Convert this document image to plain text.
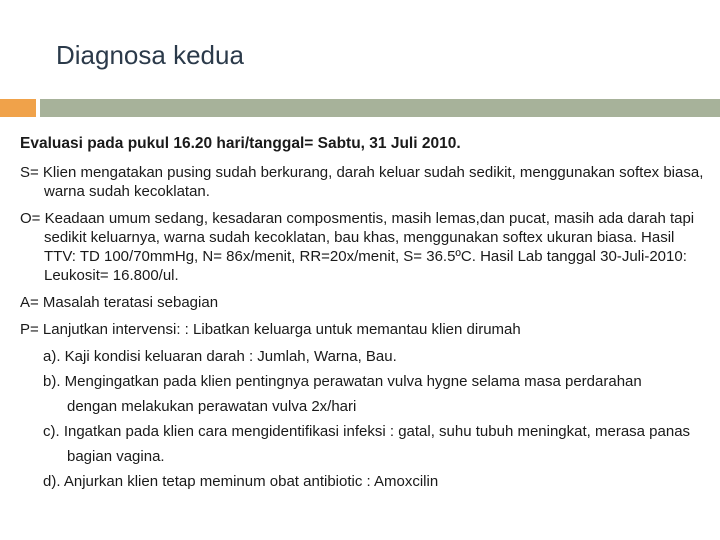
Diagnosa kedua
Evaluasi pada pukul 16.20 hari/tanggal= Sabtu, 31 Juli 2010.

S= Klien mengatakan pusing sudah berkurang, darah keluar sudah sedikit, menggunakan softex biasa, warna sudah kecoklatan.

O= Keadaan umum sedang, kesadaran composmentis, masih lemas,dan pucat, masih ada darah tapi sedikit keluarnya, warna sudah kecoklatan, bau khas, menggunakan softex ukuran biasa. Hasil TTV: TD 100/70mmHg, N= 86x/menit, RR=20x/menit, S= 36.5ºC. Hasil Lab tanggal 30-Juli-2010: Leukosit= 16.800/ul.

A= Masalah teratasi sebagian

P= Lanjutkan intervensi: : Libatkan keluarga untuk memantau klien dirumah

a). Kaji kondisi keluaran darah : Jumlah, Warna, Bau.

b). Mengingatkan pada klien pentingnya perawatan vulva hygne selama masa perdarahan

dengan melakukan perawatan vulva 2x/hari

c). Ingatkan pada klien cara mengidentifikasi infeksi : gatal, suhu tubuh meningkat, merasa panas

bagian vagina.

d). Anjurkan klien tetap meminum obat antibiotic : Amoxcilin
